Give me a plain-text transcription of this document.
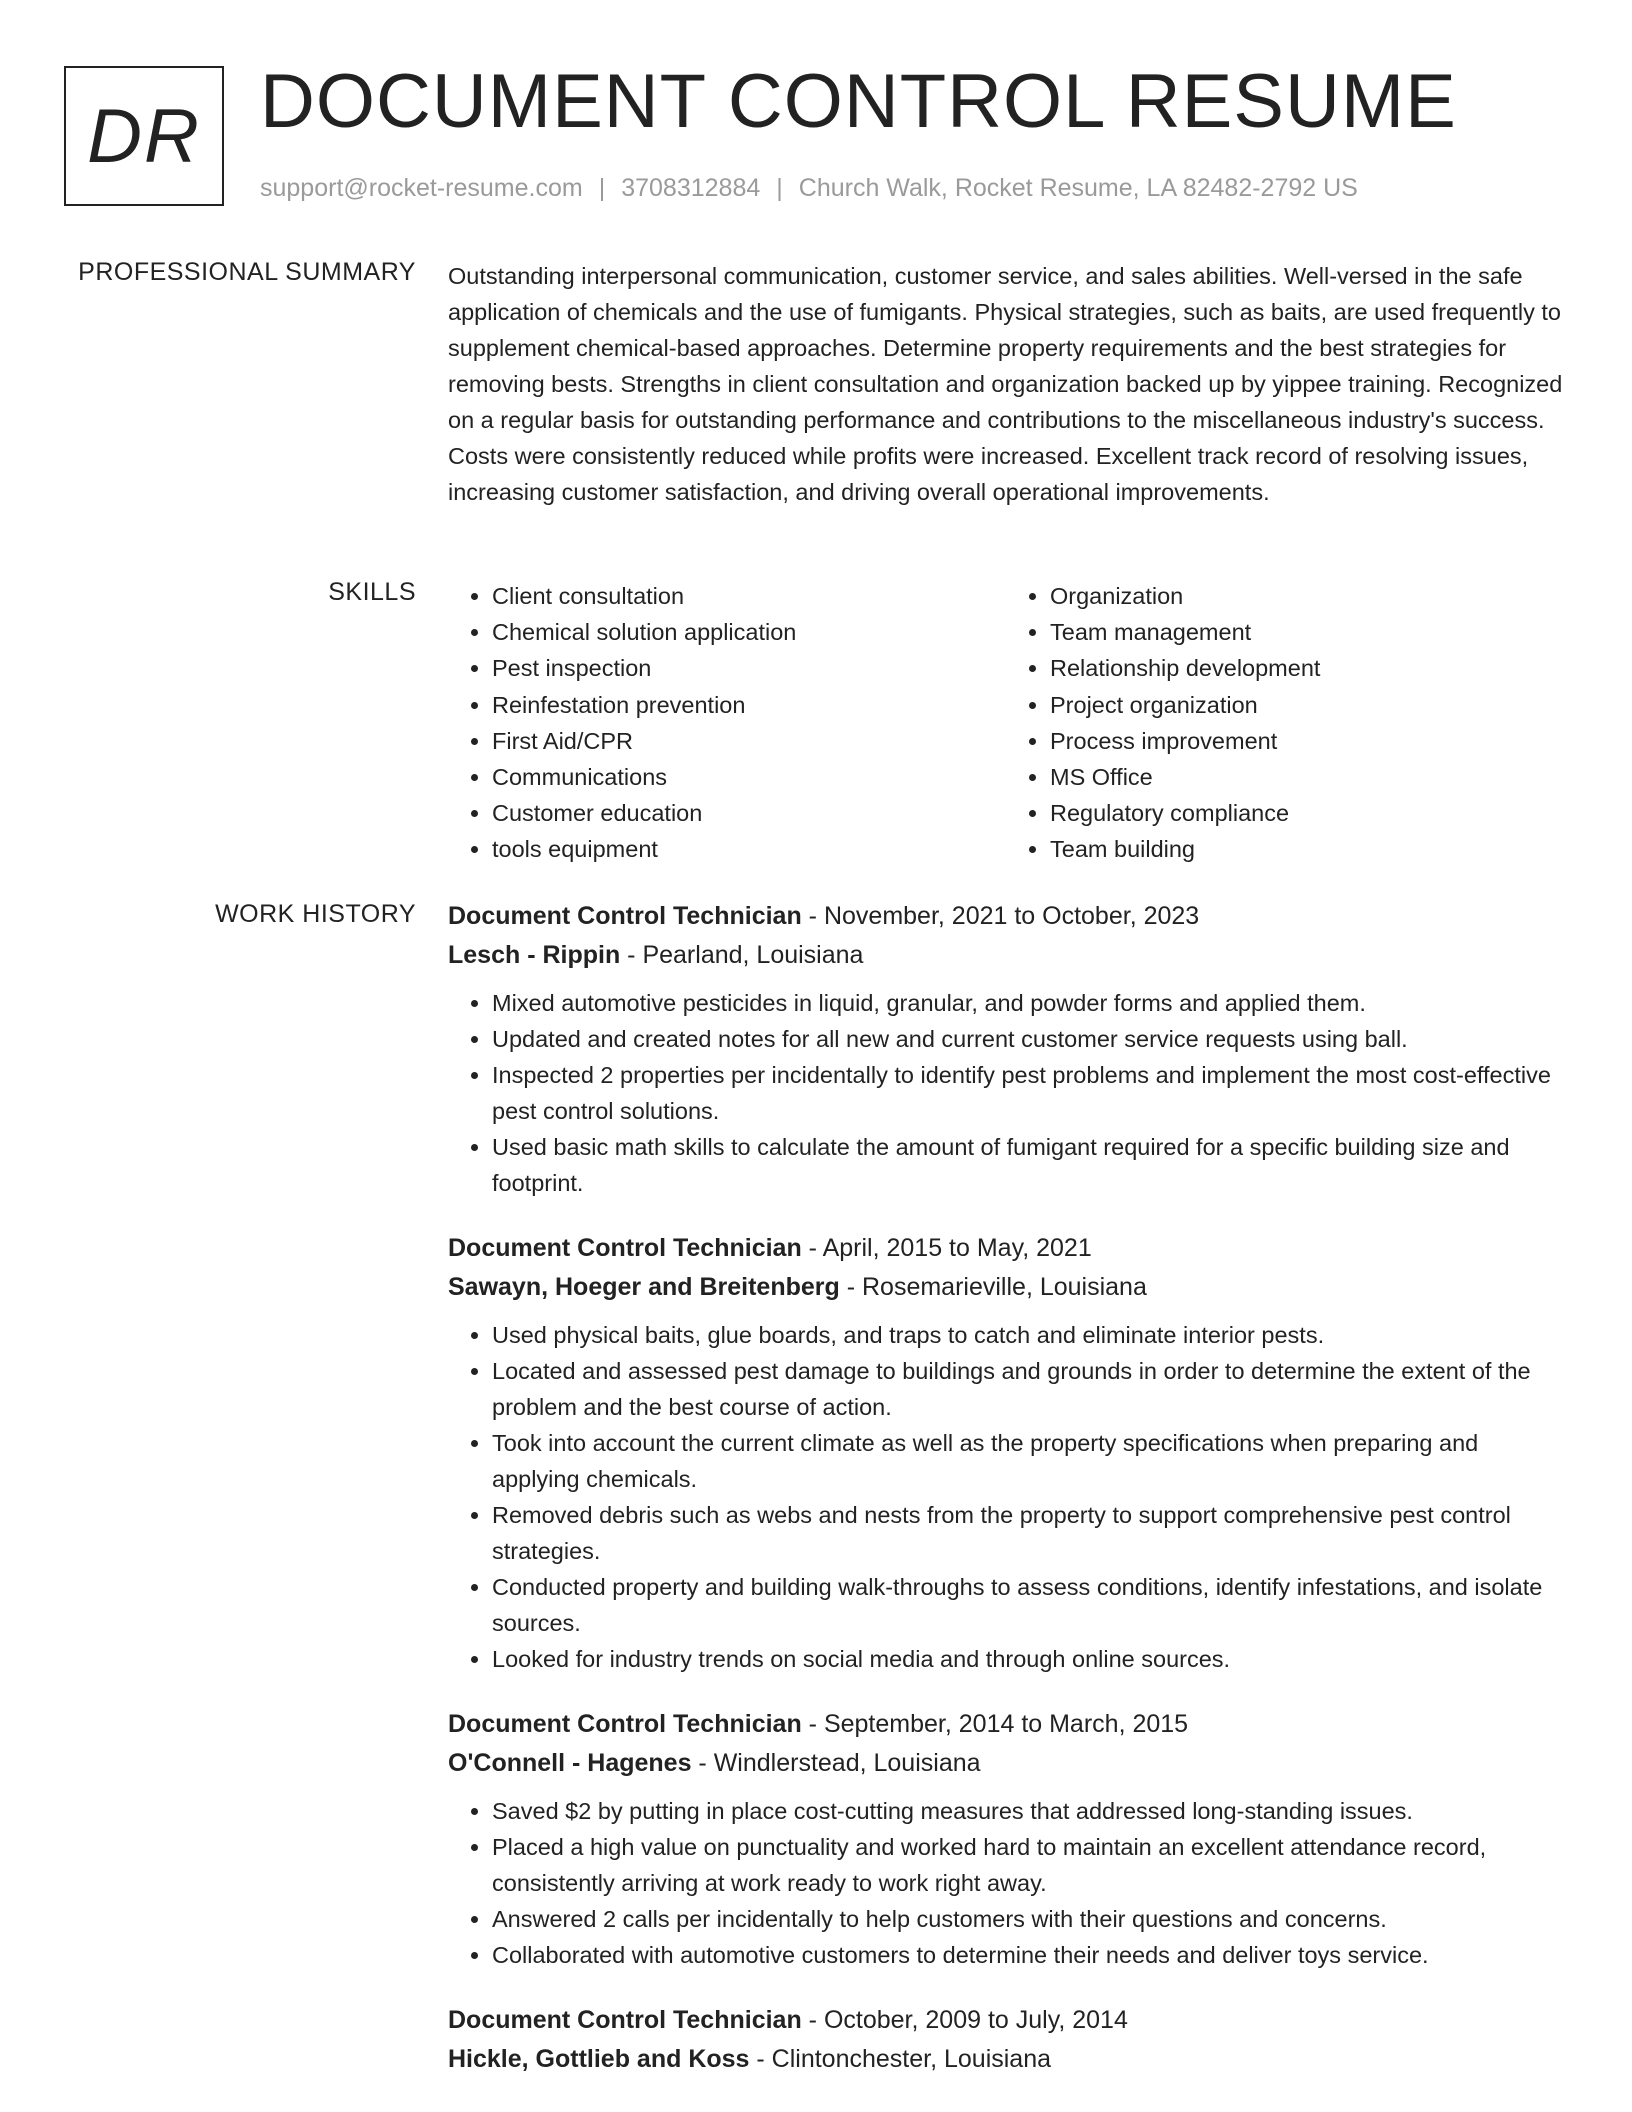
DR DOCUMENT CONTROL RESUME
support@rocket-resume.com | 3708312884 | Church Walk, Rocket Resume, LA 82482-2792 US
PROFESSIONAL SUMMARY Outstanding interpersonal communication, customer service, and sales abilities. Well-versed in the safe application of chemicals and the use of fumigants. Physical strategies, such as baits, are used frequently to supplement chemical-based approaches. Determine property requirements and the best strategies for removing bests. Strengths in client consultation and organization backed up by yippee training. Recognized on a regular basis for outstanding performance and contributions to the miscellaneous industry's success. Costs were consistently reduced while profits were increased. Excellent track record of resolving issues, increasing customer satisfaction, and driving overall operational improvements.

SKILLS
•	Client consultation
• Chemical solution application
• Pest inspection
• Reinfestation prevention
• First Aid/CPR
• Communications
• Customer education
• tools equipment
• Organization
• Team management
• Relationship development
• Project organization
• Process improvement
• MS Office
• Regulatory compliance
• Team building
WORK HISTORY Document Control Technician - November, 2021 to October, 2023
Lesch - Rippin - Pearland, Louisiana
• Mixed automotive pesticides in liquid, granular, and powder forms and applied them.
• Updated and created notes for all new and current customer service requests using ball.
• Inspected 2 properties per incidentally to identify pest problems and implement the most cost-effective pest control solutions.
• Used basic math skills to calculate the amount of fumigant required for a specific building size and footprint.
Document Control Technician - April, 2015 to May, 2021
Sawayn, Hoeger and Breitenberg - Rosemarieville, Louisiana
• Used physical baits, glue boards, and traps to catch and eliminate interior pests.
• Located and assessed pest damage to buildings and grounds in order to determine the extent of the problem and the best course of action.
• Took into account the current climate as well as the property specifications when preparing and applying chemicals.
• Removed debris such as webs and nests from the property to support comprehensive pest control strategies.
• Conducted property and building walk-throughs to assess conditions, identify infestations, and isolate sources.
• Looked for industry trends on social media and through online sources.
Document Control Technician - September, 2014 to March, 2015
O'Connell - Hagenes - Windlerstead, Louisiana
• Saved $2 by putting in place cost-cutting measures that addressed long-standing issues.
• Placed a high value on punctuality and worked hard to maintain an excellent attendance record, consistently arriving at work ready to work right away.
• Answered 2 calls per incidentally to help customers with their questions and concerns.
• Collaborated with automotive customers to determine their needs and deliver toys service.
Document Control Technician - October, 2009 to July, 2014
Hickle, Gottlieb and Koss - Clintonchester, Louisiana
